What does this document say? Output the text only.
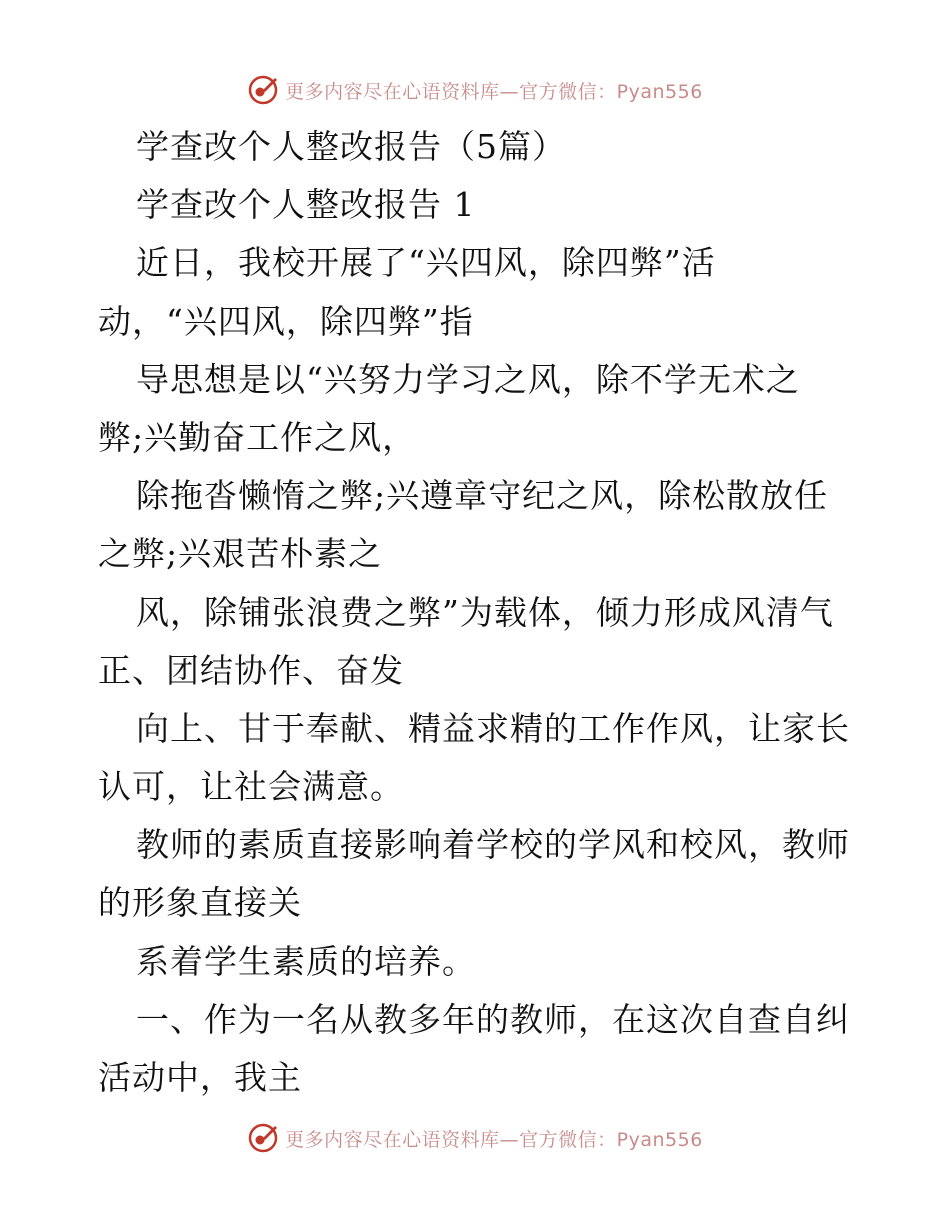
更多内容尽在心语资料库—官方微信：Pyan556
学查改个人整改报告（5篇）
学查改个人整改报告 1
近日，我校开展了“兴四风，除四弊”活
动，“兴四风，除四弊”指
导思想是以“兴努力学习之风，除不学无术之
弊;兴勤奋工作之风，
除拖沓懒惰之弊;兴遵章守纪之风，除松散放任
之弊;兴艰苦朴素之
风，除铺张浪费之弊”为载体，倾力形成风清气
正、团结协作、奋发
向上、甘于奉献、精益求精的工作作风，让家长
认可，让社会满意。
教师的素质直接影响着学校的学风和校风，教师
的形象直接关
系着学生素质的培养。
一、作为一名从教多年的教师，在这次自查自纠
活动中，我主
更多内容尽在心语资料库—官方微信：Pyan556
